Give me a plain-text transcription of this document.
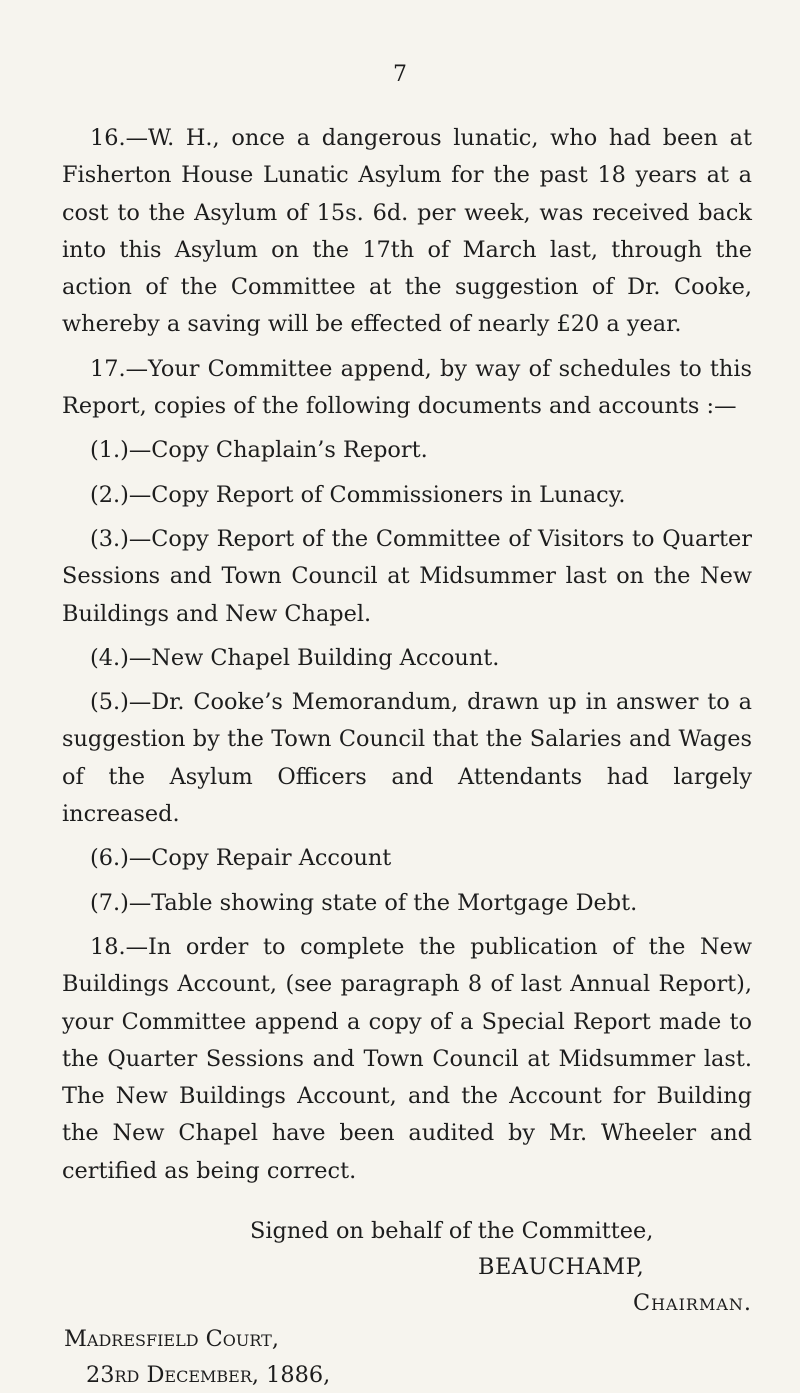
7

16.—W. H., once a dangerous lunatic, who had been at Fisherton House Lunatic Asylum for the past 18 years at a cost to the Asylum of 15s. 6d. per week, was received back into this Asylum on the 17th of March last, through the action of the Committee at the suggestion of Dr. Cooke, whereby a saving will be effected of nearly £20 a year.

17.—Your Committee append, by way of schedules to this Report, copies of the following documents and accounts :—

(1.)—Copy Chaplain’s Report.

(2.)—Copy Report of Commissioners in Lunacy.

(3.)—Copy Report of the Committee of Visitors to Quarter Sessions and Town Council at Midsummer last on the New Buildings and New Chapel.

(4.)—New Chapel Building Account.

(5.)—Dr. Cooke’s Memorandum, drawn up in answer to a suggestion by the Town Council that the Salaries and Wages of the Asylum Officers and Attendants had largely increased.

(6.)—Copy Repair Account

(7.)—Table showing state of the Mortgage Debt.

18.—In order to complete the publication of the New Buildings Account, (see paragraph 8 of last Annual Report), your Committee append a copy of a Special Report made to the Quarter Sessions and Town Council at Midsummer last. The New Buildings Account, and the Account for Building the New Chapel have been audited by Mr. Wheeler and certified as being correct.

Signed on behalf of the Committee,

BEAUCHAMP,

Chairman.

Madresfield Court,

23rd December, 1886,
